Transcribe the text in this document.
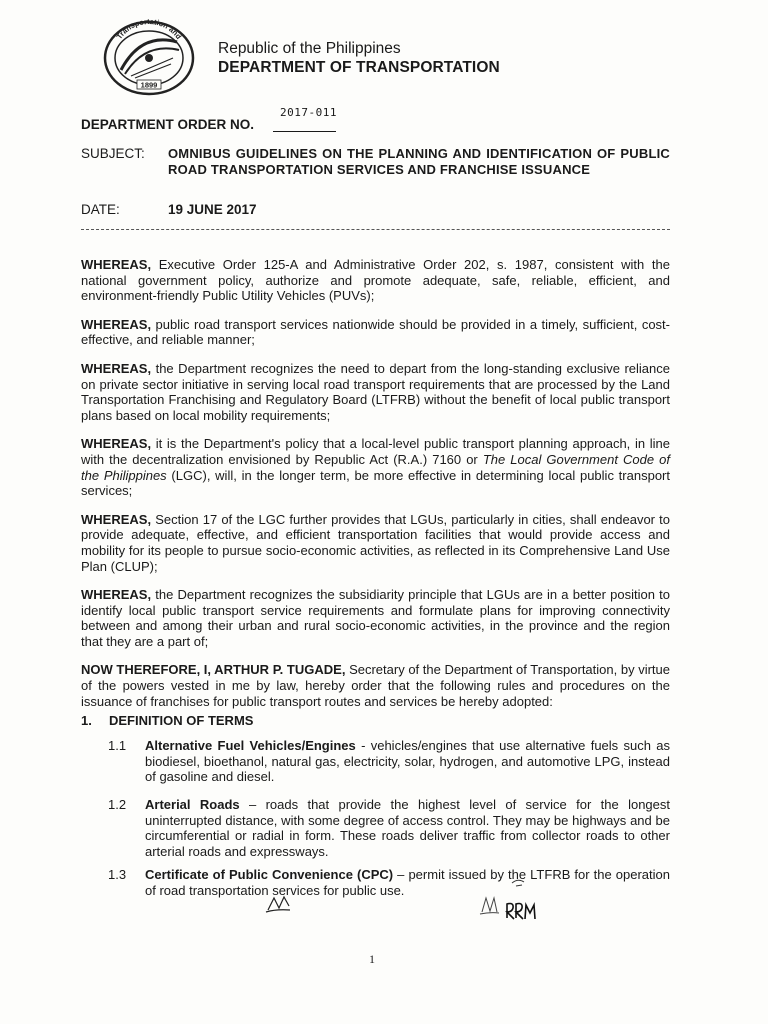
Transportation and
1899
Republic of the Philippines
DEPARTMENT OF TRANSPORTATION
2017-011
DEPARTMENT ORDER NO.
SUBJECT: OMNIBUS GUIDELINES ON THE PLANNING AND IDENTIFICATION OF PUBLIC ROAD TRANSPORTATION SERVICES AND FRANCHISE ISSUANCE
DATE:	19 JUNE 2017

WHEREAS, Executive Order 125-A and Administrative Order 202, s. 1987, consistent with the national government policy, authorize and promote adequate, safe, reliable, efficient, and environment-friendly Public Utility Vehicles (PUVs);

WHEREAS, public road transport services nationwide should be provided in a timely, sufficient, cost-effective, and reliable manner;

WHEREAS, the Department recognizes the need to depart from the long-standing exclusive reliance on private sector initiative in serving local road transport requirements that are processed by the Land Transportation Franchising and Regulatory Board (LTFRB) without the benefit of local public transport plans based on local mobility requirements;

WHEREAS, it is the Department's policy that a local-level public transport planning approach, in line with the decentralization envisioned by Republic Act (R.A.) 7160 or The Local Government Code of the Philippines (LGC), will, in the longer term, be more effective in determining local public transport services;

WHEREAS, Section 17 of the LGC further provides that LGUs, particularly in cities, shall endeavor to provide adequate, effective, and efficient transportation facilities that would provide access and mobility for its people to pursue socio-economic activities, as reflected in its Comprehensive Land Use Plan (CLUP);

WHEREAS, the Department recognizes the subsidiarity principle that LGUs are in a better position to identify local public transport service requirements and formulate plans for improving connectivity between and among their urban and rural socio-economic activities, in the province and the region that they are a part of;

NOW THEREFORE, I, ARTHUR P. TUGADE, Secretary of the Department of Transportation, by virtue of the powers vested in me by law, hereby order that the following rules and procedures on the issuance of franchises for public transport routes and services be hereby adopted:

1. DEFINITION OF TERMS
1.1 Alternative Fuel Vehicles/Engines - vehicles/engines that use alternative fuels such as biodiesel, bioethanol, natural gas, electricity, solar, hydrogen, and automotive LPG, instead of gasoline and diesel.
1.2 Arterial Roads – roads that provide the highest level of service for the longest uninterrupted distance, with some degree of access control. They may be highways and be circumferential or radial in form. These roads deliver traffic from collector roads to other arterial roads and expressways.
1.3 Certificate of Public Convenience (CPC) – permit issued by the LTFRB for the operation of road transportation services for public use.
1
